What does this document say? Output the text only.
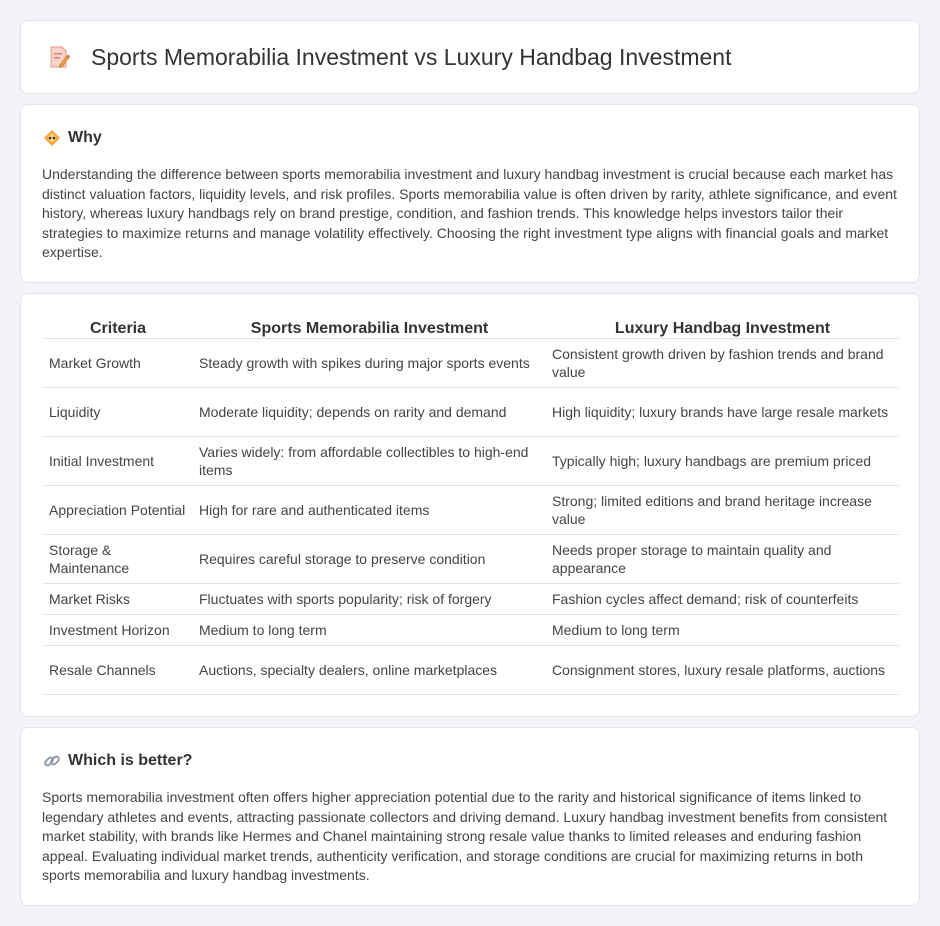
Sports Memorabilia Investment vs Luxury Handbag Investment
Why

Understanding the difference between sports memorabilia investment and luxury handbag investment is crucial because each market has distinct valuation factors, liquidity levels, and risk profiles. Sports memorabilia value is often driven by rarity, athlete significance, and event history, whereas luxury handbags rely on brand prestige, condition, and fashion trends. This knowledge helps investors tailor their strategies to maximize returns and manage volatility effectively. Choosing the right investment type aligns with financial goals and market expertise.

Criteria	Sports Memorabilia Investment	Luxury Handbag Investment
Market Growth	Steady growth with spikes during major sports events	Consistent growth driven by fashion trends and brand value
Liquidity	Moderate liquidity; depends on rarity and demand	High liquidity; luxury brands have large resale markets
Initial Investment	Varies widely: from affordable collectibles to high-end items	Typically high; luxury handbags are premium priced
Appreciation Potential	High for rare and authenticated items	Strong; limited editions and brand heritage increase value
Storage & Maintenance	Requires careful storage to preserve condition	Needs proper storage to maintain quality and appearance
Market Risks	Fluctuates with sports popularity; risk of forgery	Fashion cycles affect demand; risk of counterfeits
Investment Horizon	Medium to long term	Medium to long term
Resale Channels	Auctions, specialty dealers, online marketplaces	Consignment stores, luxury resale platforms, auctions
Which is better?

Sports memorabilia investment often offers higher appreciation potential due to the rarity and historical significance of items linked to legendary athletes and events, attracting passionate collectors and driving demand. Luxury handbag investment benefits from consistent market stability, with brands like Hermes and Chanel maintaining strong resale value thanks to limited releases and enduring fashion appeal. Evaluating individual market trends, authenticity verification, and storage conditions are crucial for maximizing returns in both sports memorabilia and luxury handbag investments.
